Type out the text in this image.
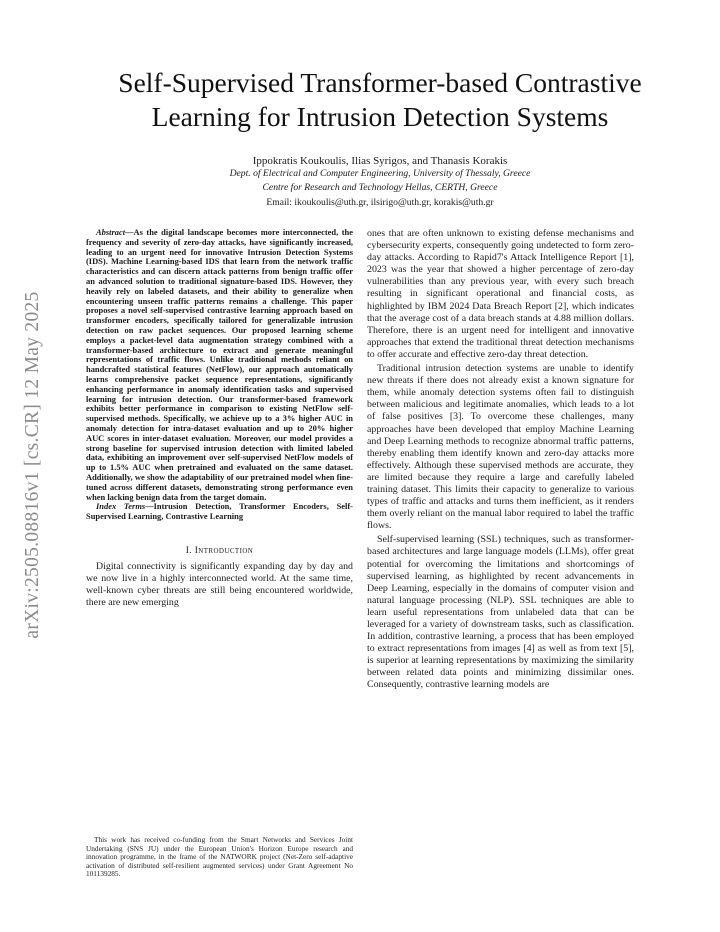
arXiv:2505.08816v1 [cs.CR] 12 May 2025
Self-Supervised Transformer-based Contrastive Learning for Intrusion Detection Systems
Ippokratis Koukoulis, Ilias Syrigos, and Thanasis Korakis
Dept. of Electrical and Computer Engineering, University of Thessaly, Greece
Centre for Research and Technology Hellas, CERTH, Greece
Email: ikoukoulis@uth.gr, ilsirigo@uth.gr, korakis@uth.gr

Abstract—As the digital landscape becomes more interconnected, the frequency and severity of zero-day attacks, have significantly increased, leading to an urgent need for innovative Intrusion Detection Systems (IDS). Machine Learning-based IDS that learn from the network traffic characteristics and can discern attack patterns from benign traffic offer an advanced solution to traditional signature-based IDS. However, they heavily rely on labeled datasets, and their ability to generalize when encountering unseen traffic patterns remains a challenge. This paper proposes a novel self-supervised contrastive learning approach based on transformer encoders, specifically tailored for generalizable intrusion detection on raw packet sequences. Our proposed learning scheme employs a packet-level data augmentation strategy combined with a transformer-based architecture to extract and generate meaningful representations of traffic flows. Unlike traditional methods reliant on handcrafted statistical features (NetFlow), our approach automatically learns comprehensive packet sequence representations, significantly enhancing performance in anomaly identification tasks and supervised learning for intrusion detection. Our transformer-based framework exhibits better performance in comparison to existing NetFlow self-supervised methods. Specifically, we achieve up to a 3% higher AUC in anomaly detection for intra-dataset evaluation and up to 20% higher AUC scores in inter-dataset evaluation. Moreover, our model provides a strong baseline for supervised intrusion detection with limited labeled data, exhibiting an improvement over self-supervised NetFlow models of up to 1.5% AUC when pretrained and evaluated on the same dataset. Additionally, we show the adaptability of our pretrained model when fine-tuned across different datasets, demonstrating strong performance even when lacking benign data from the target domain.

Index Terms—Intrusion Detection, Transformer Encoders, Self-Supervised Learning, Contrastive Learning

I. Introduction

Digital connectivity is significantly expanding day by day and we now live in a highly interconnected world. At the same time, well-known cyber threats are still being encountered worldwide, there are new emerging

This work has received co-funding from the Smart Networks and Services Joint Undertaking (SNS JU) under the European Union's Horizon Europe research and innovation programme, in the frame of the NATWORK project (Net-Zero self-adaptive activation of distributed self-resilient augmented services) under Grant Agreement No 101139285.

ones that are often unknown to existing defense mechanisms and cybersecurity experts, consequently going undetected to form zero-day attacks. According to Rapid7's Attack Intelligence Report [1], 2023 was the year that showed a higher percentage of zero-day vulnerabilities than any previous year, with every such breach resulting in significant operational and financial costs, as highlighted by IBM 2024 Data Breach Report [2], which indicates that the average cost of a data breach stands at 4.88 million dollars. Therefore, there is an urgent need for intelligent and innovative approaches that extend the traditional threat detection mechanisms to offer accurate and effective zero-day threat detection.

Traditional intrusion detection systems are unable to identify new threats if there does not already exist a known signature for them, while anomaly detection systems often fail to distinguish between malicious and legitimate anomalies, which leads to a lot of false positives [3]. To overcome these challenges, many approaches have been developed that employ Machine Learning and Deep Learning methods to recognize abnormal traffic patterns, thereby enabling them identify known and zero-day attacks more effectively. Although these supervised methods are accurate, they are limited because they require a large and carefully labeled training dataset. This limits their capacity to generalize to various types of traffic and attacks and turns them inefficient, as it renders them overly reliant on the manual labor required to label the traffic flows.

Self-supervised learning (SSL) techniques, such as transformer-based architectures and large language models (LLMs), offer great potential for overcoming the limitations and shortcomings of supervised learning, as highlighted by recent advancements in Deep Learning, especially in the domains of computer vision and natural language processing (NLP). SSL techniques are able to learn useful representations from unlabeled data that can be leveraged for a variety of downstream tasks, such as classification. In addition, contrastive learning, a process that has been employed to extract representations from images [4] as well as from text [5], is superior at learning representations by maximizing the similarity between related data points and minimizing dissimilar ones. Consequently, contrastive learning models are
